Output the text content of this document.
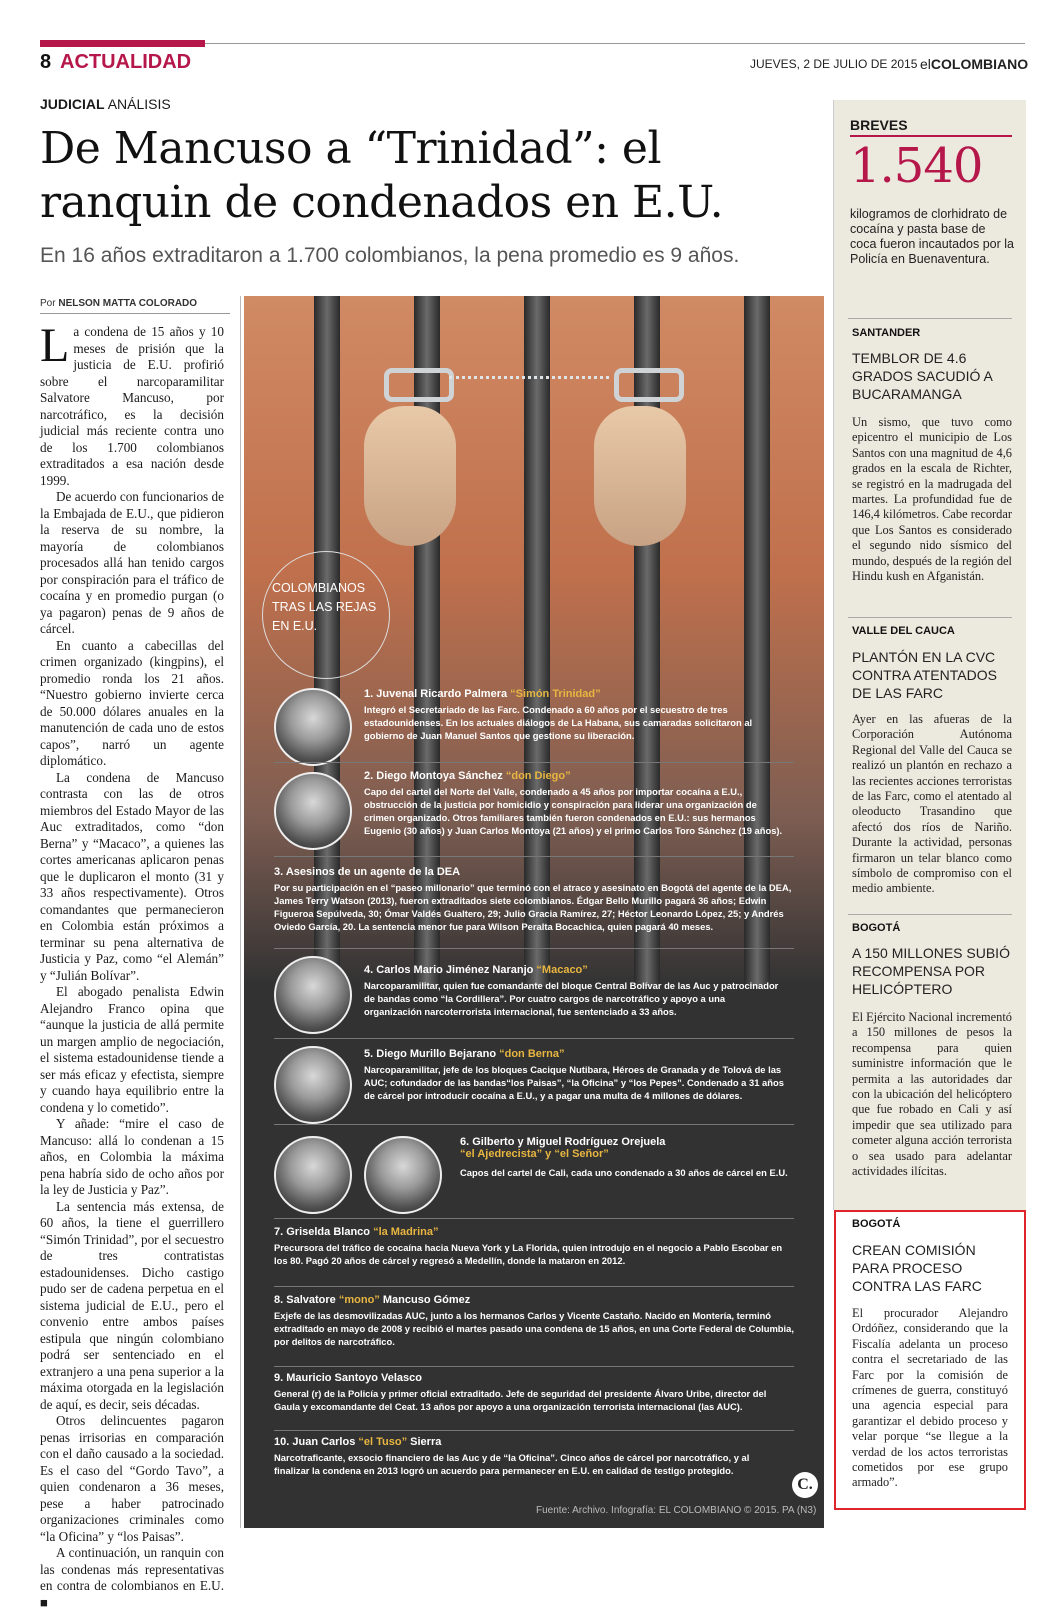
8 ACTUALIDAD	JUEVES, 2 DE JULIO DE 2015 elCOLOMBIANO
JUDICIAL ANÁLISIS
De Mancuso a “Trinidad”: el
ranquin de condenados en E.U.
En 16 años extraditaron a 1.700 colombianos, la pena promedio es 9 años.
Por NELSON MATTA COLORADO

La condena de 15 años y 10 meses de prisión que la justicia de E.U. profirió sobre el narcoparamilitar Salvatore Mancuso, por narcotráfico, es la decisión judicial más reciente contra uno de los 1.700 colombianos extraditados a esa nación desde 1999.

De acuerdo con funcionarios de la Embajada de E.U., que pidieron la reserva de su nombre, la mayoría de colombianos procesados allá han tenido cargos por conspiración para el tráfico de cocaína y en promedio purgan (o ya pagaron) penas de 9 años de cárcel.

En cuanto a cabecillas del crimen organizado (kingpins), el promedio ronda los 21 años. “Nuestro gobierno invierte cerca de 50.000 dólares anuales en la manutención de cada uno de estos capos”, narró un agente diplomático.

La condena de Mancuso contrasta con las de otros miembros del Estado Mayor de las Auc extraditados, como “don Berna” y “Macaco”, a quienes las cortes americanas aplicaron penas que le duplicaron el monto (31 y 33 años respectivamente). Otros comandantes que permanecieron en Colombia están próximos a terminar su pena alternativa de Justicia y Paz, como “el Alemán” y “Julián Bolívar”.

El abogado penalista Edwin Alejandro Franco opina que “aunque la justicia de allá permite un margen amplio de negociación, el sistema estadounidense tiende a ser más eficaz y efectista, siempre y cuando haya equilibrio entre la condena y lo cometido”.

Y añade: “mire el caso de Mancuso: allá lo condenan a 15 años, en Colombia la máxima pena habría sido de ocho años por la ley de Justicia y Paz”.

La sentencia más extensa, de 60 años, la tiene el guerrillero “Simón Trinidad”, por el secuestro de tres contratistas estadounidenses. Dicho castigo pudo ser de cadena perpetua en el sistema judicial de E.U., pero el convenio entre ambos países estipula que ningún colombiano podrá ser sentenciado en el extranjero a una pena superior a la máxima otorgada en la legislación de aquí, es decir, seis décadas.

Otros delincuentes pagaron penas irrisorias en comparación con el daño causado a la sociedad. Es el caso del “Gordo Tavo”, a quien condenaron a 36 meses, pese a haber patrocinado organizaciones criminales como “la Oficina” y “los Paisas”.

A continuación, un ranquin con las condenas más representativas en contra de colombianos en E.U. ■

COLOMBIANOS TRAS LAS REJAS EN E.U.
1. Juvenal Ricardo Palmera “Simón Trinidad”

Integró el Secretariado de las Farc. Condenado a 60 años por el secuestro de tres estadounidenses. En los actuales diálogos de La Habana, sus camaradas solicitaron al gobierno de Juan Manuel Santos que gestione su liberación.

2. Diego Montoya Sánchez “don Diego”

Capo del cartel del Norte del Valle, condenado a 45 años por importar cocaína a E.U., obstrucción de la justicia por homicidio y conspiración para liderar una organización de crimen organizado. Otros familiares también fueron condenados en E.U.: sus hermanos Eugenio (30 años) y Juan Carlos Montoya (21 años) y el primo Carlos Toro Sánchez (19 años).

3. Asesinos de un agente de la DEA

Por su participación en el “paseo millonario” que terminó con el atraco y asesinato en Bogotá del agente de la DEA, James Terry Watson (2013), fueron extraditados siete colombianos. Édgar Bello Murillo pagará 36 años; Edwin Figueroa Sepúlveda, 30; Ómar Valdés Gualtero, 29; Julio Gracia Ramírez, 27; Héctor Leonardo López, 25; y Andrés Oviedo García, 20. La sentencia menor fue para Wilson Peralta Bocachica, quien pagará 40 meses.

4. Carlos Mario Jiménez Naranjo “Macaco”

Narcoparamilitar, quien fue comandante del bloque Central Bolívar de las Auc y patrocinador de bandas como “la Cordillera”. Por cuatro cargos de narcotráfico y apoyo a una organización narcoterrorista internacional, fue sentenciado a 33 años.

5. Diego Murillo Bejarano “don Berna”

Narcoparamilitar, jefe de los bloques Cacique Nutibara, Héroes de Granada y de Tolová de las AUC; cofundador de las bandas“los Paisas”, “la Oficina” y “los Pepes”. Condenado a 31 años de cárcel por introducir cocaína a E.U., y a pagar una multa de 4 millones de dólares.

6. Gilberto y Miguel Rodríguez Orejuela
“el Ajedrecista” y “el Señor”

Capos del cartel de Cali, cada uno condenado a 30 años de cárcel en E.U.

7. Griselda Blanco “la Madrina”

Precursora del tráfico de cocaína hacia Nueva York y La Florida, quien introdujo en el negocio a Pablo Escobar en los 80. Pagó 20 años de cárcel y regresó a Medellín, donde la mataron en 2012.

8. Salvatore “mono” Mancuso Gómez

Exjefe de las desmovilizadas AUC, junto a los hermanos Carlos y Vicente Castaño. Nacido en Montería, terminó extraditado en mayo de 2008 y recibió el martes pasado una condena de 15 años, en una Corte Federal de Columbia, por delitos de narcotráfico.

9. Mauricio Santoyo Velasco

General (r) de la Policía y primer oficial extraditado. Jefe de seguridad del presidente Álvaro Uribe, director del Gaula y excomandante del Ceat. 13 años por apoyo a una organización terrorista internacional (las AUC).

10. Juan Carlos “el Tuso” Sierra

Narcotraficante, exsocio financiero de las Auc y de “la Oficina”. Cinco años de cárcel por narcotráfico, y al finalizar la condena en 2013 logró un acuerdo para permanecer en E.U. en calidad de testigo protegido.

C.
Fuente: Archivo. Infografía: EL COLOMBIANO © 2015. PA (N3)
BREVES
1.540
kilogramos de clorhidrato de cocaína y pasta base de coca fueron incautados por la Policía en Buenaventura.
SANTANDER
TEMBLOR DE 4.6 GRADOS SACUDIÓ A BUCARAMANGA
Un sismo, que tuvo como epicentro el municipio de Los Santos con una magnitud de 4,6 grados en la escala de Richter, se registró en la madrugada del martes. La profundidad fue de 146,4 kilómetros. Cabe recordar que Los Santos es considerado el segundo nido sísmico del mundo, después de la región del Hindu kush en Afganistán.
VALLE DEL CAUCA
PLANTÓN EN LA CVC CONTRA ATENTADOS DE LAS FARC
Ayer en las afueras de la Corporación Autónoma Regional del Valle del Cauca se realizó un plantón en rechazo a las recientes acciones terroristas de las Farc, como el atentado al oleoducto Trasandino que afectó dos ríos de Nariño. Durante la actividad, personas firmaron un telar blanco como símbolo de compromiso con el medio ambiente.
BOGOTÁ
A 150 MILLONES SUBIÓ RECOMPENSA POR HELICÓPTERO
El Ejército Nacional incrementó a 150 millones de pesos la recompensa para quien suministre información que le permita a las autoridades dar con la ubicación del helicóptero que fue robado en Cali y así impedir que sea utilizado para cometer alguna acción terrorista o sea usado para adelantar actividades ilícitas.
BOGOTÁ
CREAN COMISIÓN PARA PROCESO CONTRA LAS FARC
El procurador Alejandro Ordóñez, considerando que la Fiscalía adelanta un proceso contra el secretariado de las Farc por la comisión de crímenes de guerra, constituyó una agencia especial para garantizar el debido proceso y velar porque “se llegue a la verdad de los actos terroristas cometidos por ese grupo armado”.
